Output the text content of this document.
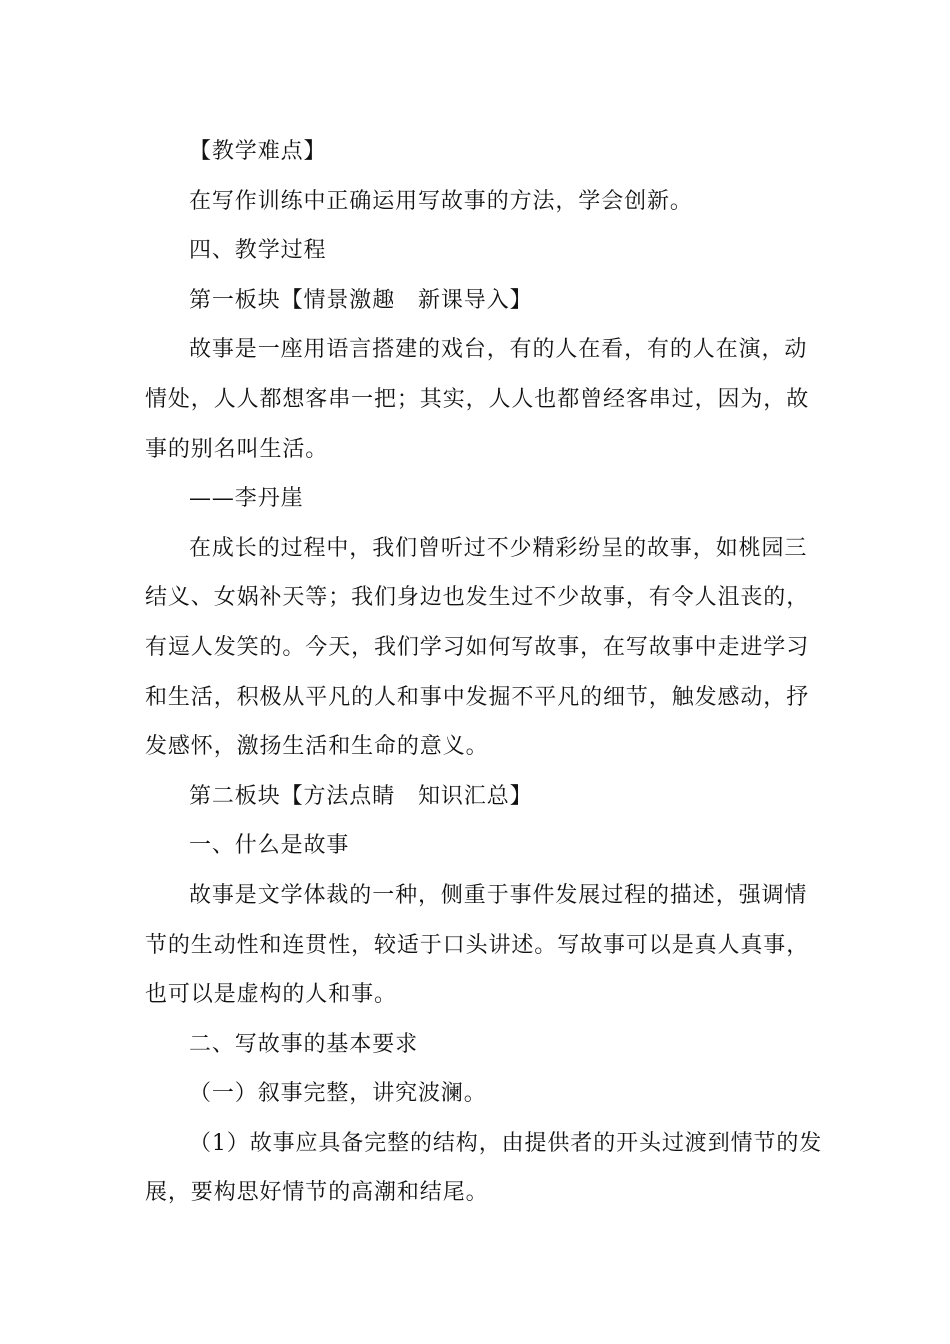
【教学难点】
在写作训练中正确运用写故事的方法，学会创新。
四、教学过程
第一板块【情景激趣　新课导入】
故事是一座用语言搭建的戏台，有的人在看，有的人在演，动
情处，人人都想客串一把；其实，人人也都曾经客串过，因为，故
事的别名叫生活。
——李丹崖
在成长的过程中，我们曾听过不少精彩纷呈的故事，如桃园三
结义、女娲补天等；我们身边也发生过不少故事，有令人沮丧的，
有逗人发笑的。今天，我们学习如何写故事，在写故事中走进学习
和生活，积极从平凡的人和事中发掘不平凡的细节，触发感动，抒
发感怀，激扬生活和生命的意义。
第二板块【方法点睛　知识汇总】
一、什么是故事
故事是文学体裁的一种，侧重于事件发展过程的描述，强调情
节的生动性和连贯性，较适于口头讲述。写故事可以是真人真事，
也可以是虚构的人和事。
二、写故事的基本要求
（一）叙事完整，讲究波澜。
（1）故事应具备完整的结构，由提供者的开头过渡到情节的发
展，要构思好情节的高潮和结尾。
